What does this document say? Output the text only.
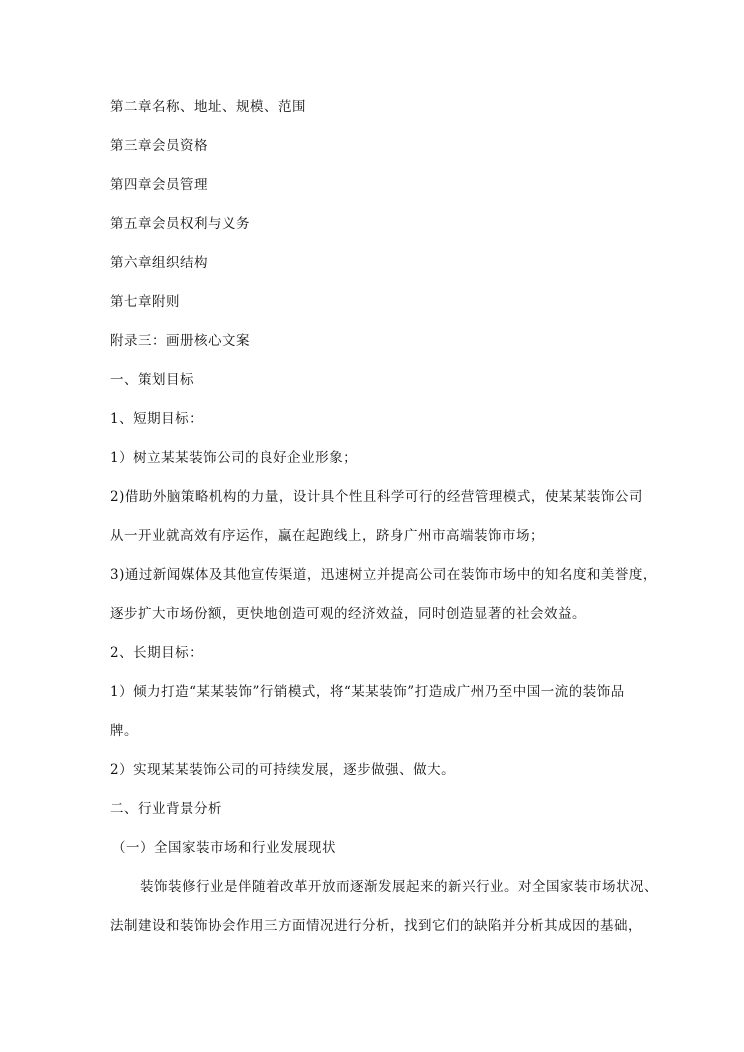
第二章名称、地址、规模、范围
第三章会员资格
第四章会员管理
第五章会员权利与义务
第六章组织结构
第七章附则
附录三：画册核心文案
一、策划目标
1、短期目标：
1）树立某某装饰公司的良好企业形象；
2)借助外脑策略机构的力量，设计具个性且科学可行的经营管理模式，使某某装饰公司
从一开业就高效有序运作，赢在起跑线上，跻身广州市高端装饰市场；
3)通过新闻媒体及其他宣传渠道，迅速树立并提高公司在装饰市场中的知名度和美誉度，
逐步扩大市场份额，更快地创造可观的经济效益，同时创造显著的社会效益。
2、长期目标：
1）倾力打造“某某装饰”行销模式，将“某某装饰”打造成广州乃至中国一流的装饰品
牌。
2）实现某某装饰公司的可持续发展，逐步做强、做大。
二、行业背景分析
（一）全国家装市场和行业发展现状
装饰装修行业是伴随着改革开放而逐渐发展起来的新兴行业。对全国家装市场状况、
法制建设和装饰协会作用三方面情况进行分析，找到它们的缺陷并分析其成因的基础，
